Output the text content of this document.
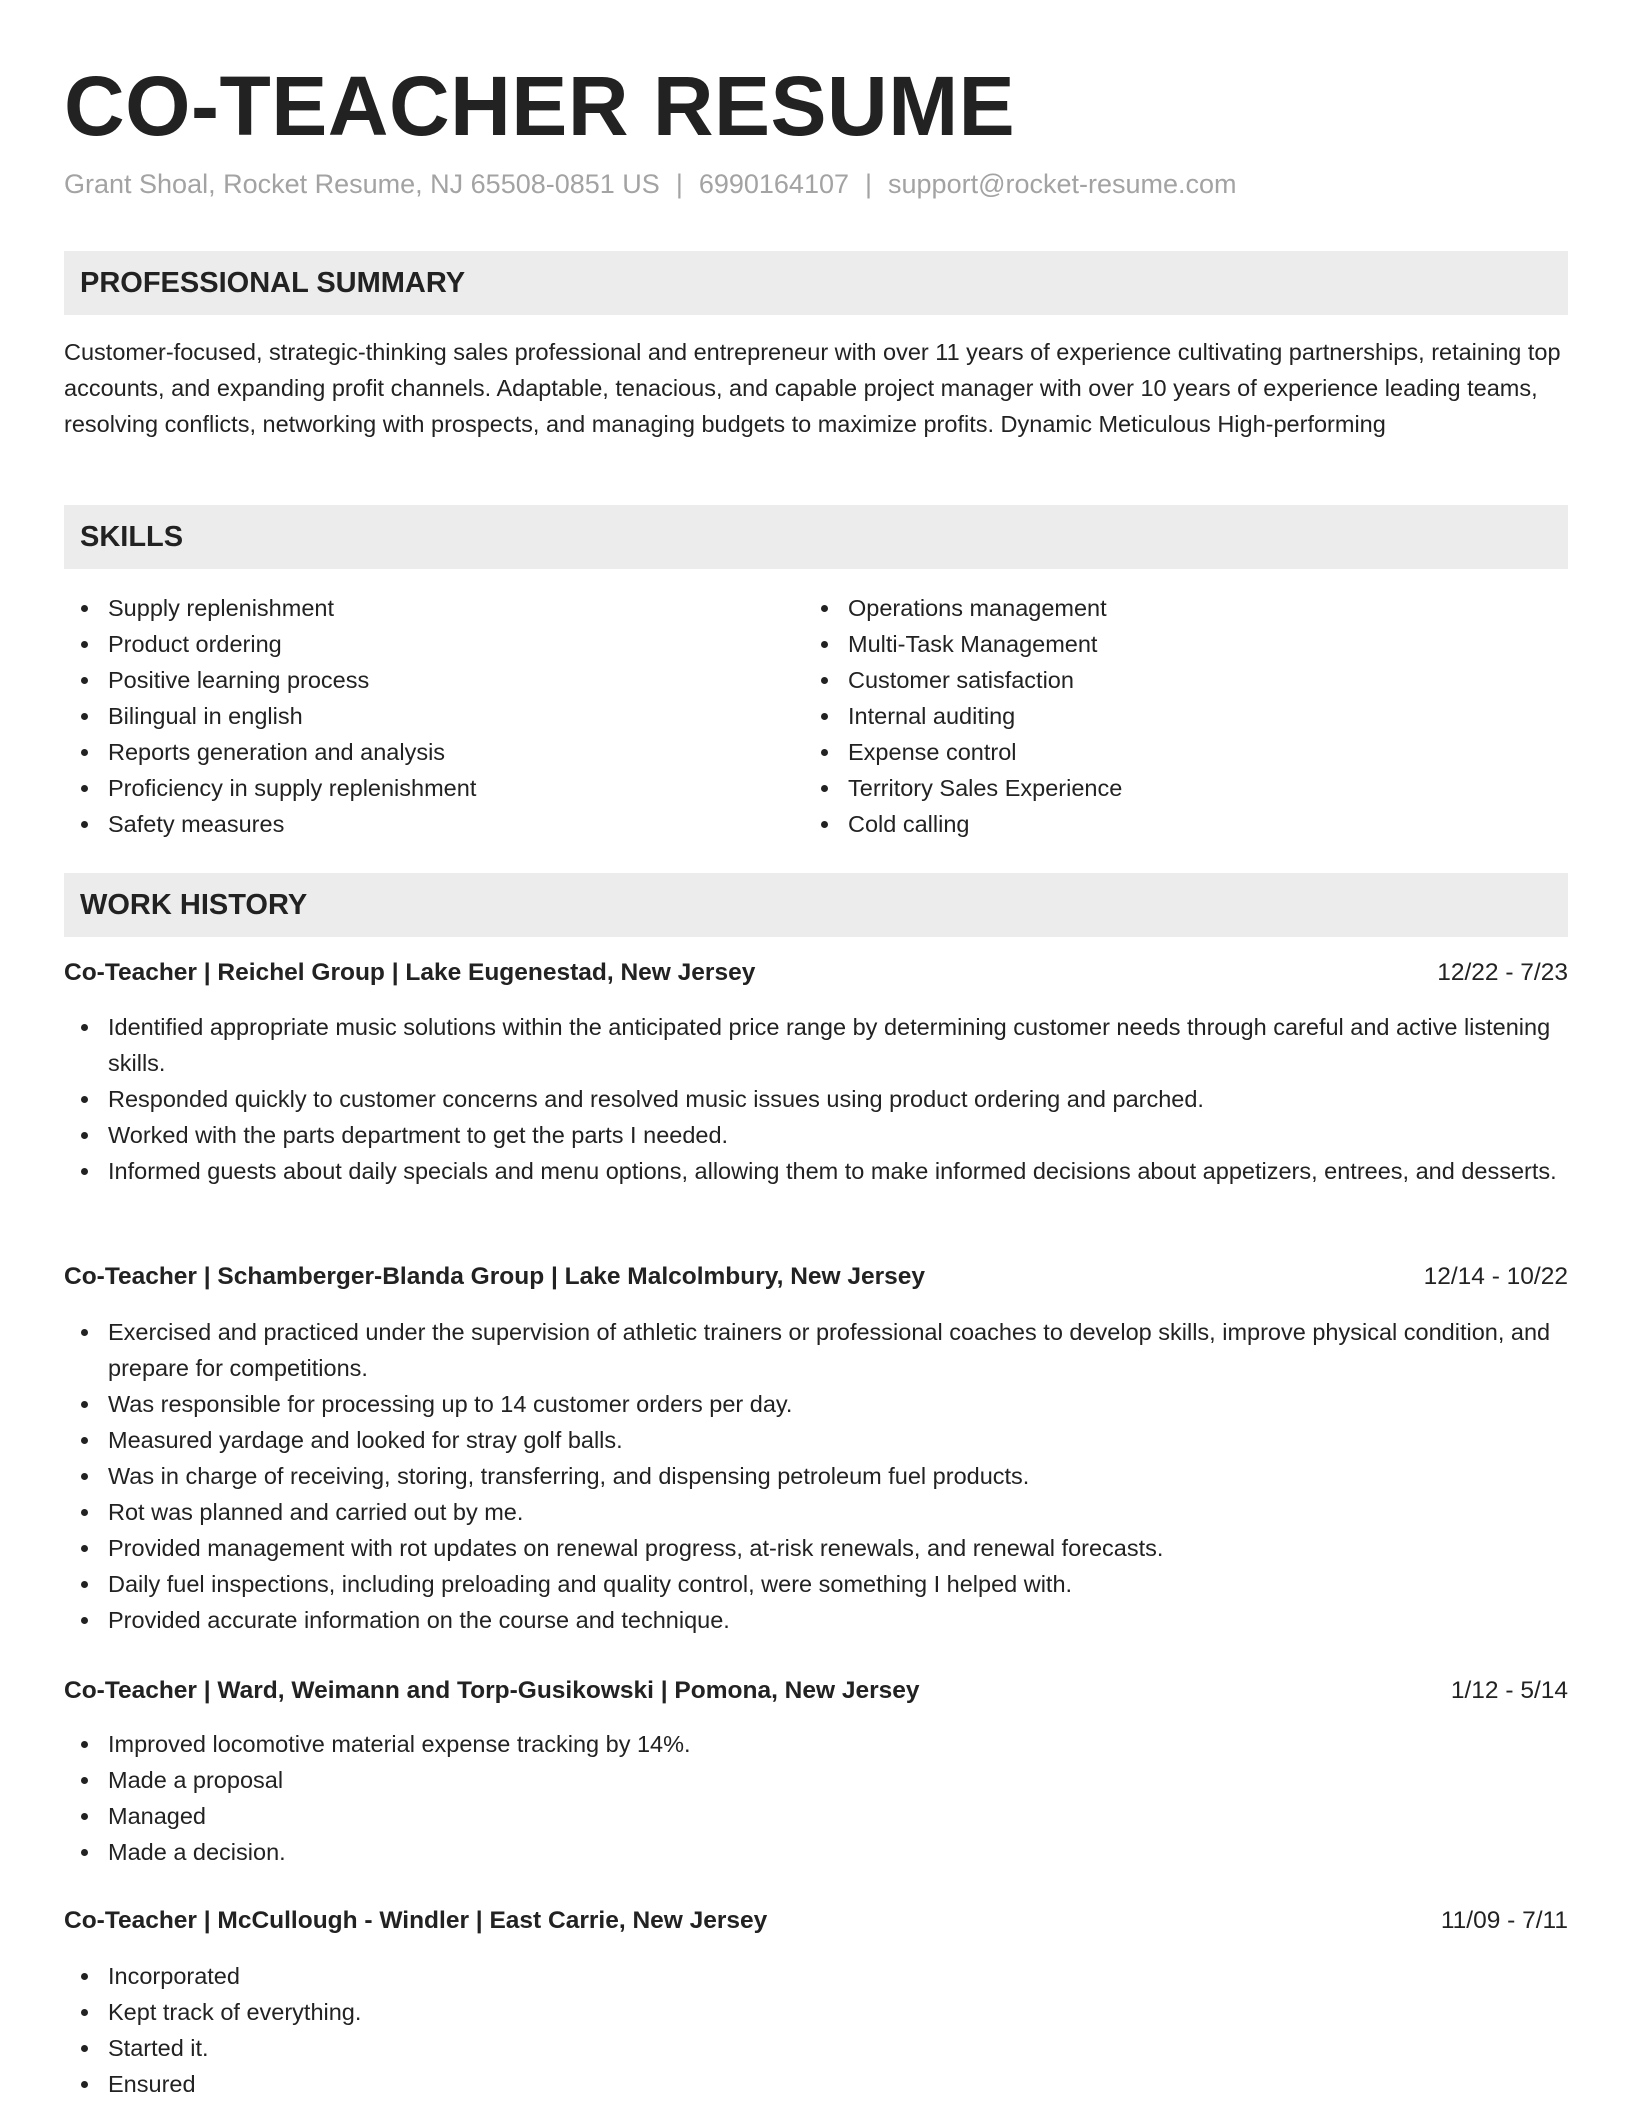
CO-TEACHER RESUME
Grant Shoal, Rocket Resume, NJ 65508-0851 US | 6990164107 | support@rocket-resume.com
PROFESSIONAL SUMMARY

Customer-focused, strategic-thinking sales professional and entrepreneur with over 11 years of experience cultivating partnerships, retaining top accounts, and expanding profit channels. Adaptable, tenacious, and capable project manager with over 10 years of experience leading teams, resolving conflicts, networking with prospects, and managing budgets to maximize profits. Dynamic Meticulous High-performing

SKILLS
Supply replenishment
Product ordering
Positive learning process
Bilingual in english
Reports generation and analysis
Proficiency in supply replenishment
Safety measures
Operations management
Multi-Task Management
Customer satisfaction
Internal auditing
Expense control
Territory Sales Experience
Cold calling
WORK HISTORY
Co-Teacher | Reichel Group | Lake Eugenestad, New Jersey	12/22 - 7/23
Identified appropriate music solutions within the anticipated price range by determining customer needs through careful and active listening skills.
Responded quickly to customer concerns and resolved music issues using product ordering and parched.
Worked with the parts department to get the parts I needed.
Informed guests about daily specials and menu options, allowing them to make informed decisions about appetizers, entrees, and desserts.
Co-Teacher | Schamberger-Blanda Group | Lake Malcolmbury, New Jersey	12/14 - 10/22
Exercised and practiced under the supervision of athletic trainers or professional coaches to develop skills, improve physical condition, and prepare for competitions.
Was responsible for processing up to 14 customer orders per day.
Measured yardage and looked for stray golf balls.
Was in charge of receiving, storing, transferring, and dispensing petroleum fuel products.
Rot was planned and carried out by me.
Provided management with rot updates on renewal progress, at-risk renewals, and renewal forecasts.
Daily fuel inspections, including preloading and quality control, were something I helped with.
Provided accurate information on the course and technique.
Co-Teacher | Ward, Weimann and Torp-Gusikowski | Pomona, New Jersey	1/12 - 5/14
Improved locomotive material expense tracking by 14%.
Made a proposal
Managed
Made a decision.
Co-Teacher | McCullough - Windler | East Carrie, New Jersey	11/09 - 7/11
Incorporated
Kept track of everything.
Started it.
Ensured
